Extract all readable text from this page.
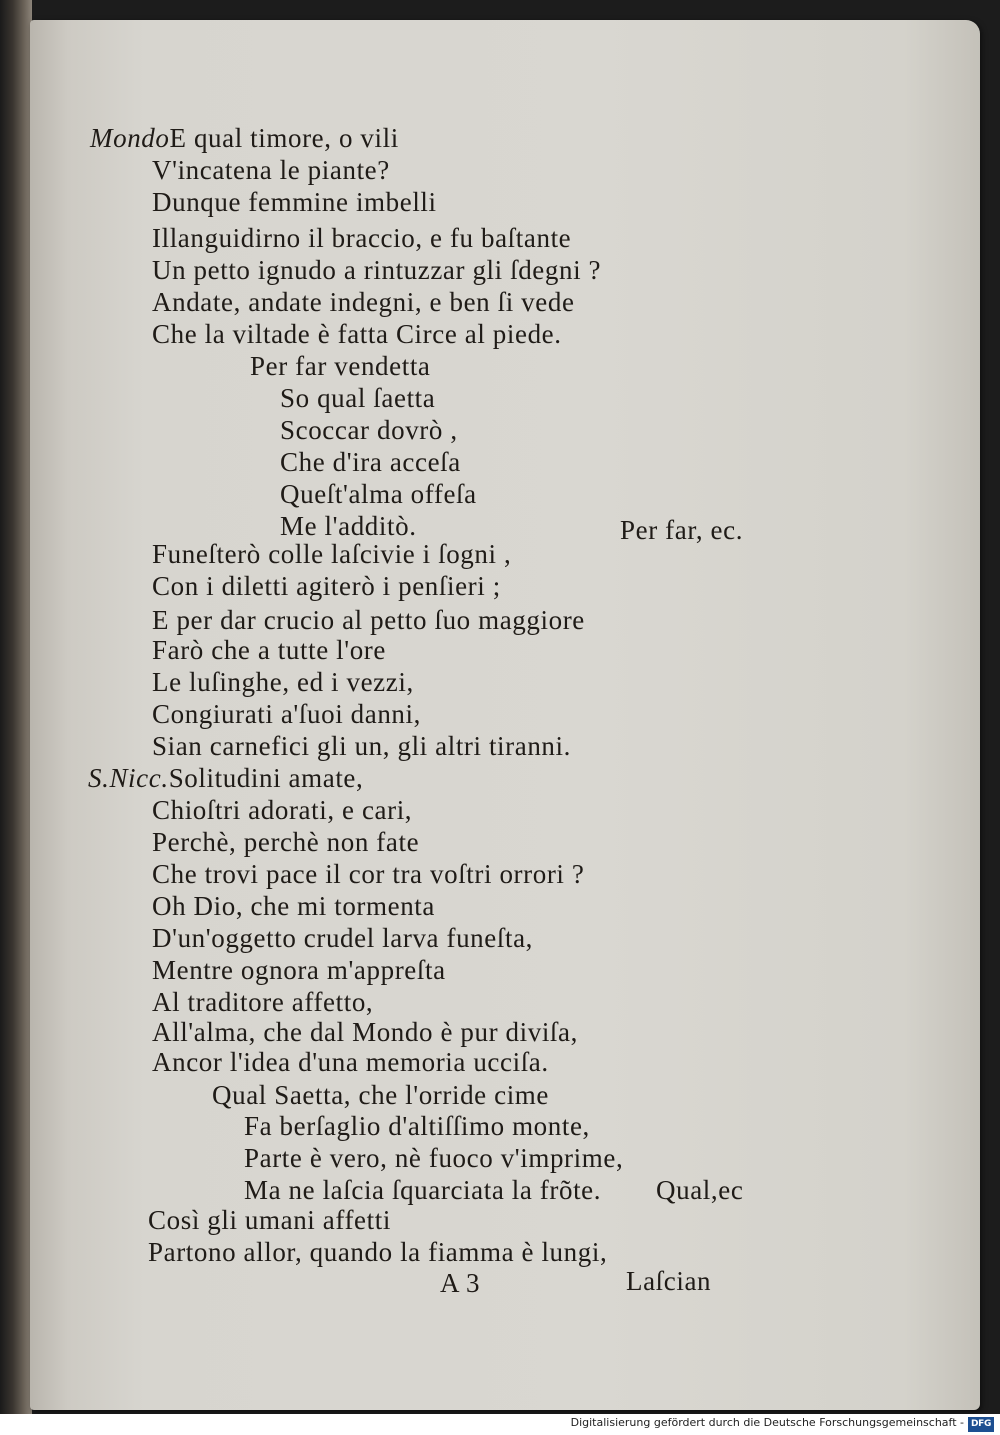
MondoE qual timore, o vili
V'incatena le piante?
Dunque femmine imbelli
Illanguidirno il braccio, e fu baſtante
Un petto ignudo a rintuzzar gli ſdegni ?
Andate, andate indegni, e ben ſi vede
Che la viltade è fatta Circe al piede.
Per far vendetta
So qual ſaetta
Scoccar dovrò ,
Che d'ira acceſa
Queſt'alma offeſa
Me l'additò.	Per far, ec.
Funeſterò colle laſcivie i ſogni ,
Con i diletti agiterò i penſieri ;
E per dar crucio al petto ſuo maggiore
Farò che a tutte l'ore
Le luſinghe, ed i vezzi,
Congiurati a'ſuoi danni,
Sian carnefici gli un, gli altri tiranni.
S.Nicc.Solitudini amate,
Chioſtri adorati, e cari,
Perchè, perchè non fate
Che trovi pace il cor tra voſtri orrori ?
Oh Dio, che mi tormenta
D'un'oggetto crudel larva funeſta,
Mentre ognora m'appreſta
Al traditore affetto,
All'alma, che dal Mondo è pur diviſa,
Ancor l'idea d'una memoria ucciſa.
Qual Saetta, che l'orride cime
Fa berſaglio d'altiſſimo monte,
Parte è vero, nè fuoco v'imprime,
Ma ne laſcia ſquarciata la frõte. Qual,ec
Così gli umani affetti
Partono allor, quando la fiamma è lungi,
A 3	Laſcian
Digitalisierung gefördert durch die Deutsche Forschungsgemeinschaft - DFG
